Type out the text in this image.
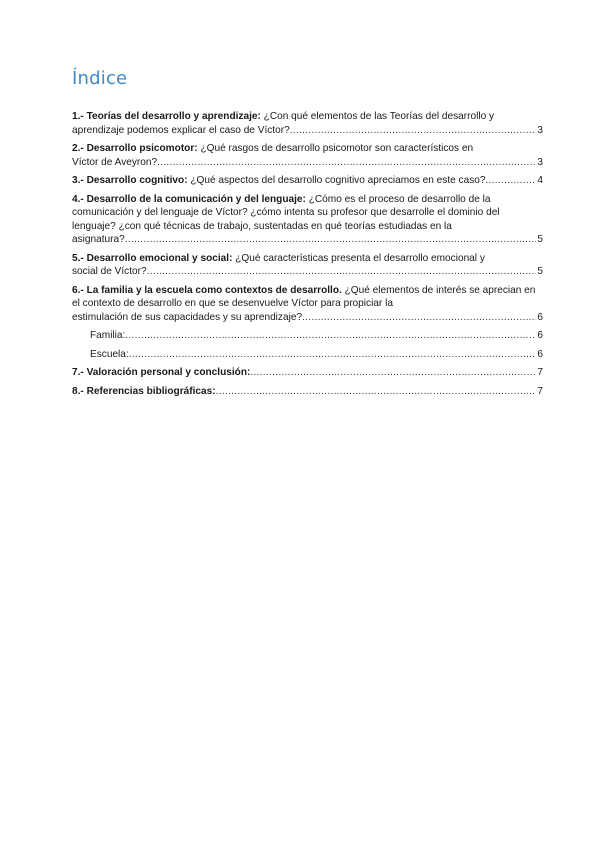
Índice
1.- Teorías del desarrollo y aprendizaje: ¿Con qué elementos de las Teorías del desarrollo y
aprendizaje podemos explicar el caso de Víctor? .....	3
2.- Desarrollo psicomotor: ¿Qué rasgos de desarrollo psicomotor son característicos en
Víctor de Aveyron? .....	3
3.- Desarrollo cognitivo: ¿Qué aspectos del desarrollo cognitivo apreciamos en este caso? .....	4
4.- Desarrollo de la comunicación y del lenguaje: ¿Cómo es el proceso de desarrollo de la comunicación y del lenguaje de Víctor? ¿cómo intenta su profesor que desarrolle el dominio del lenguaje? ¿con qué técnicas de trabajo, sustentadas en qué teorías estudiadas en la
asignatura? .....	5
5.- Desarrollo emocional y social: ¿Qué características presenta el desarrollo emocional y
social de Víctor? .....	5
6.- La familia y la escuela como contextos de desarrollo. ¿Qué elementos de interés se aprecian en el contexto de desarrollo en que se desenvuelve Víctor para propiciar la
estimulación de sus capacidades y su aprendizaje? .....	6
Familia: .....	6
Escuela: .....	6
7.- Valoración personal y conclusión: .....	7
8.- Referencias bibliográficas: .....	7
